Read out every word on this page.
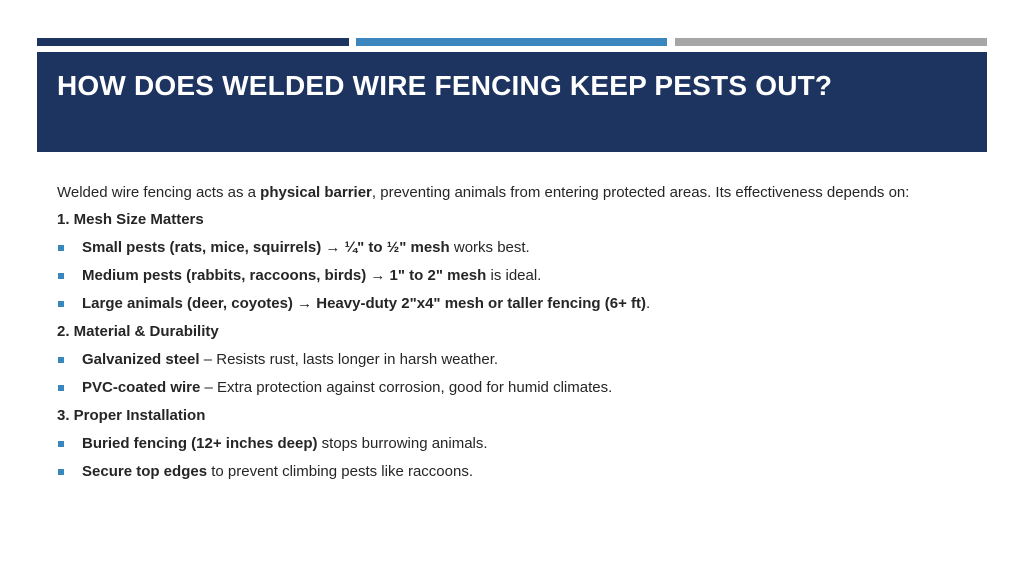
HOW DOES WELDED WIRE FENCING KEEP PESTS OUT?

Welded wire fencing acts as a physical barrier, preventing animals from entering protected areas. Its effectiveness depends on:

1. Mesh Size Matters
Small pests (rats, mice, squirrels) → ¼" to ½" mesh works best.
Medium pests (rabbits, raccoons, birds) → 1" to 2" mesh is ideal.
Large animals (deer, coyotes) → Heavy-duty 2"x4" mesh or taller fencing (6+ ft).
2. Material & Durability
Galvanized steel – Resists rust, lasts longer in harsh weather.
PVC-coated wire – Extra protection against corrosion, good for humid climates.
3. Proper Installation
Buried fencing (12+ inches deep) stops burrowing animals.
Secure top edges to prevent climbing pests like raccoons.
